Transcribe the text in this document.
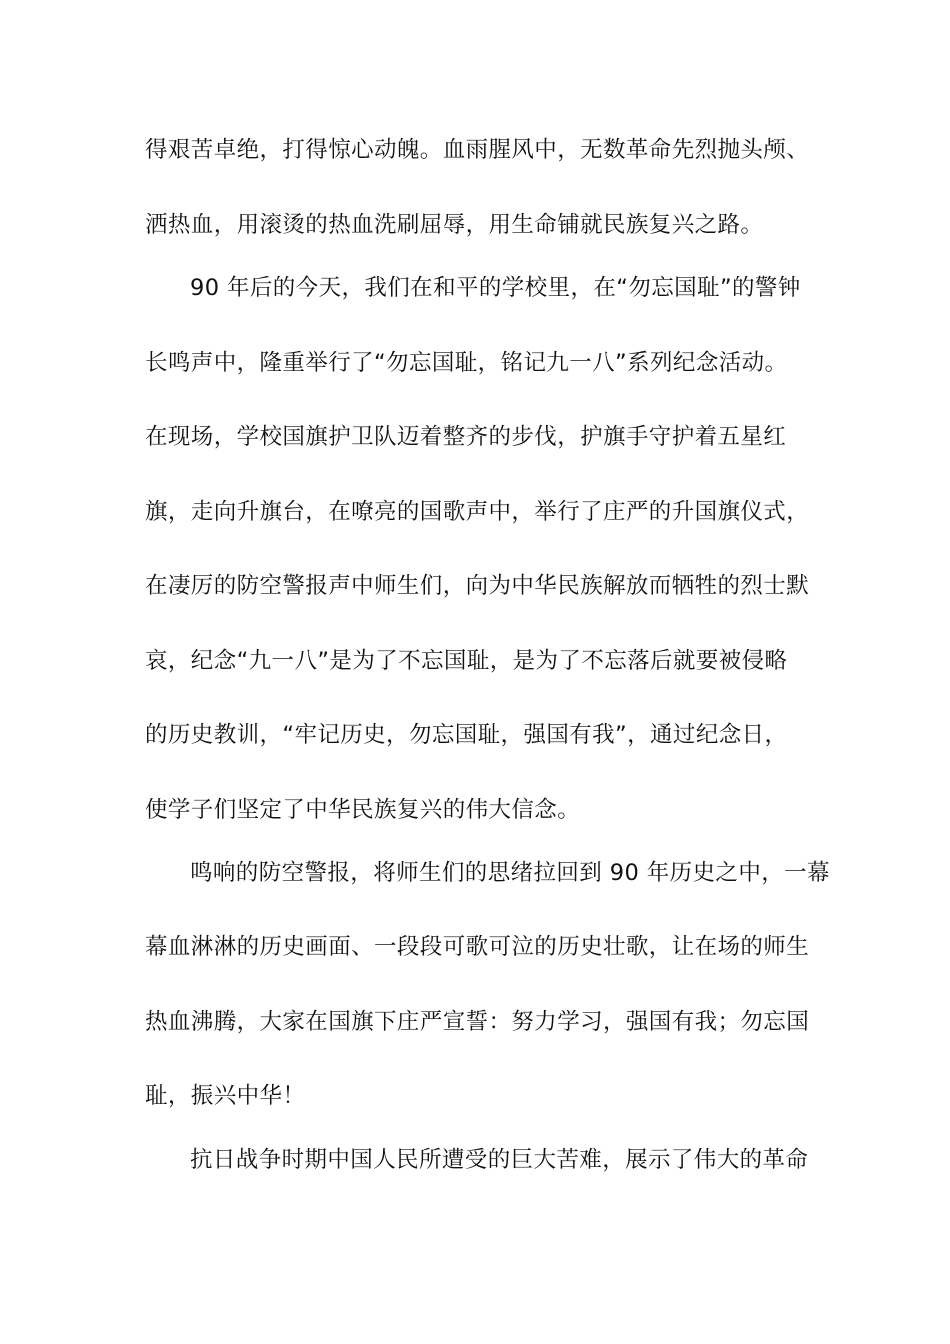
得艰苦卓绝，打得惊心动魄。血雨腥风中，无数革命先烈抛头颅、
洒热血，用滚烫的热血洗刷屈辱，用生命铺就民族复兴之路。
90 年后的今天，我们在和平的学校里，在“勿忘国耻”的警钟
长鸣声中，隆重举行了“勿忘国耻，铭记九一八”系列纪念活动。
在现场，学校国旗护卫队迈着整齐的步伐，护旗手守护着五星红
旗，走向升旗台，在嘹亮的国歌声中，举行了庄严的升国旗仪式，
在凄厉的防空警报声中师生们，向为中华民族解放而牺牲的烈士默
哀，纪念“九一八”是为了不忘国耻，是为了不忘落后就要被侵略
的历史教训，“牢记历史，勿忘国耻，强国有我”，通过纪念日，
使学子们坚定了中华民族复兴的伟大信念。
鸣响的防空警报，将师生们的思绪拉回到 90 年历史之中，一幕
幕血淋淋的历史画面、一段段可歌可泣的历史壮歌，让在场的师生
热血沸腾，大家在国旗下庄严宣誓：努力学习，强国有我；勿忘国
耻，振兴中华！
抗日战争时期中国人民所遭受的巨大苦难，展示了伟大的革命
